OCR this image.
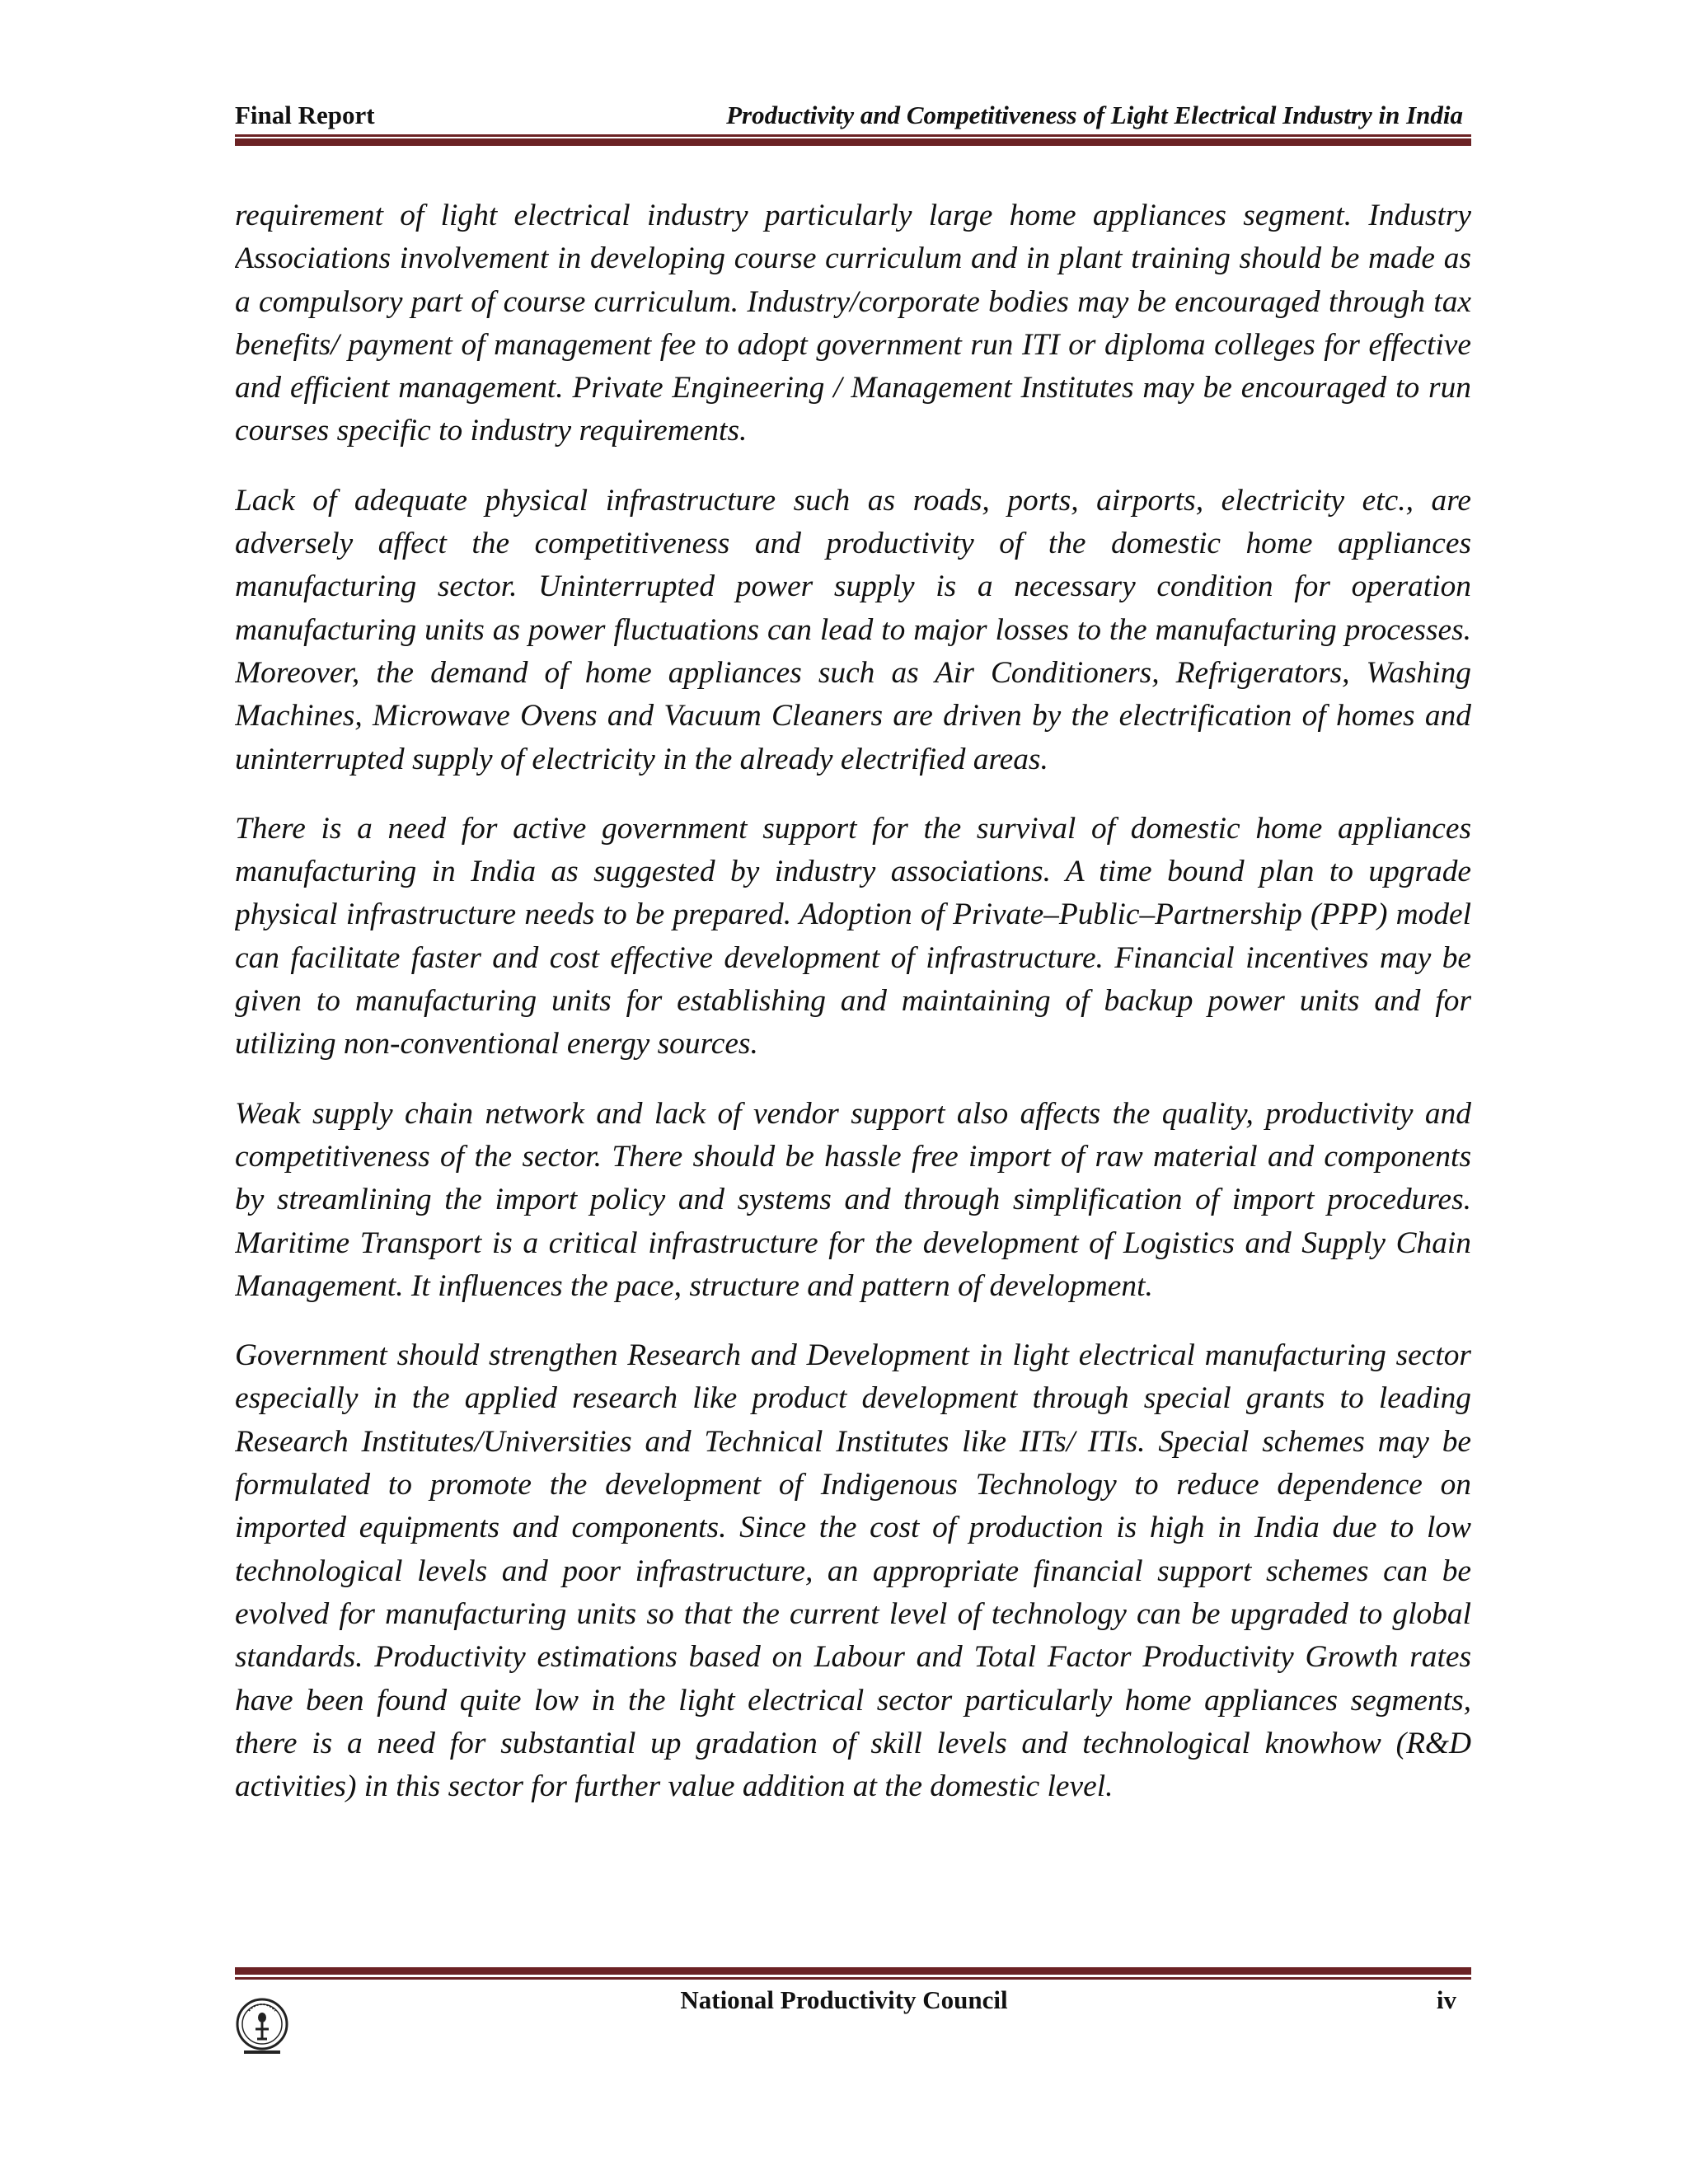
Final Report	Productivity and Competitiveness of Light Electrical Industry in India

requirement of light electrical industry particularly large home appliances segment. Industry Associations involvement in developing course curriculum and in plant training should be made as a compulsory part of course curriculum. Industry/corporate bodies may be encouraged through tax benefits/ payment of management fee to adopt government run ITI or diploma colleges for effective and efficient management. Private Engineering / Management Institutes may be encouraged to run courses specific to industry requirements.

Lack of adequate physical infrastructure such as roads, ports, airports, electricity etc., are adversely affect the competitiveness and productivity of the domestic home appliances manufacturing sector. Uninterrupted power supply is a necessary condition for operation manufacturing units as power fluctuations can lead to major losses to the manufacturing processes. Moreover, the demand of home appliances such as Air Conditioners, Refrigerators, Washing Machines, Microwave Ovens and Vacuum Cleaners are driven by the electrification of homes and uninterrupted supply of electricity in the already electrified areas.

There is a need for active government support for the survival of domestic home appliances manufacturing in India as suggested by industry associations. A time bound plan to upgrade physical infrastructure needs to be prepared. Adoption of Private–Public–Partnership (PPP) model can facilitate faster and cost effective development of infrastructure. Financial incentives may be given to manufacturing units for establishing and maintaining of backup power units and for utilizing non-conventional energy sources.

Weak supply chain network and lack of vendor support also affects the quality, productivity and competitiveness of the sector. There should be hassle free import of raw material and components by streamlining the import policy and systems and through simplification of import procedures. Maritime Transport is a critical infrastructure for the development of Logistics and Supply Chain Management. It influences the pace, structure and pattern of development.

Government should strengthen Research and Development in light electrical manufacturing sector especially in the applied research like product development through special grants to leading Research Institutes/Universities and Technical Institutes like IITs/ ITIs. Special schemes may be formulated to promote the development of Indigenous Technology to reduce dependence on imported equipments and components. Since the cost of production is high in India due to low technological levels and poor infrastructure, an appropriate financial support schemes can be evolved for manufacturing units so that the current level of technology can be upgraded to global standards. Productivity estimations based on Labour and Total Factor Productivity Growth rates have been found quite low in the light electrical sector particularly home appliances segments, there is a need for substantial up gradation of skill levels and technological knowhow (R&D activities) in this sector for further value addition at the domestic level.

National Productivity Council	iv
